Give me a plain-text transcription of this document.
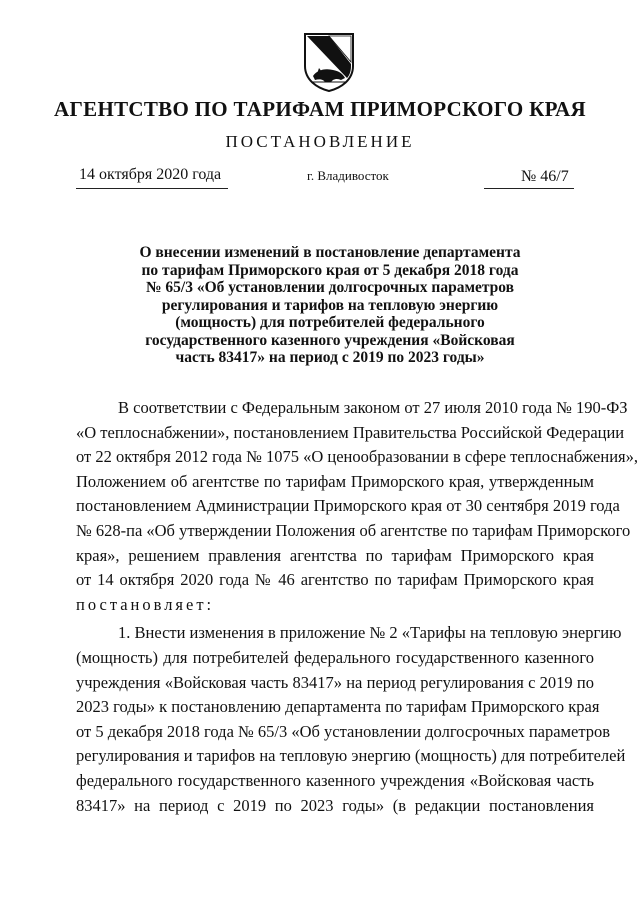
АГЕНТСТВО ПО ТАРИФАМ ПРИМОРСКОГО КРАЯ
ПОСТАНОВЛЕНИЕ
14 октября 2020 года	г. Владивосток	№ 46/7
О внесении изменений в постановление департамента
по тарифам Приморского края от 5 декабря 2018 года
№ 65/3 «Об установлении долгосрочных параметров
регулирования и тарифов на тепловую энергию
(мощность) для потребителей федерального
государственного казенного учреждения «Войсковая
часть 83417» на период с 2019 по 2023 годы»
В соответствии с Федеральным законом от 27 июля 2010 года № 190-ФЗ
«О теплоснабжении», постановлением Правительства Российской Федерации
от 22 октября 2012 года № 1075 «О ценообразовании в сфере теплоснабжения»,
Положением об агентстве по тарифам Приморского края, утвержденным
постановлением Администрации Приморского края от 30 сентября 2019 года
№ 628-па «Об утверждении Положения об агентстве по тарифам Приморского
края», решением правления агентства по тарифам Приморского края
от 14 октября 2020 года № 46 агентство по тарифам Приморского края
постановляет:
1. Внести изменения в приложение № 2 «Тарифы на тепловую энергию
(мощность) для потребителей федерального государственного казенного
учреждения «Войсковая часть 83417» на период регулирования с 2019 по
2023 годы» к постановлению департамента по тарифам Приморского края
от 5 декабря 2018 года № 65/3 «Об установлении долгосрочных параметров
регулирования и тарифов на тепловую энергию (мощность) для потребителей
федерального государственного казенного учреждения «Войсковая часть
83417» на период с 2019 по 2023 годы» (в редакции постановления
